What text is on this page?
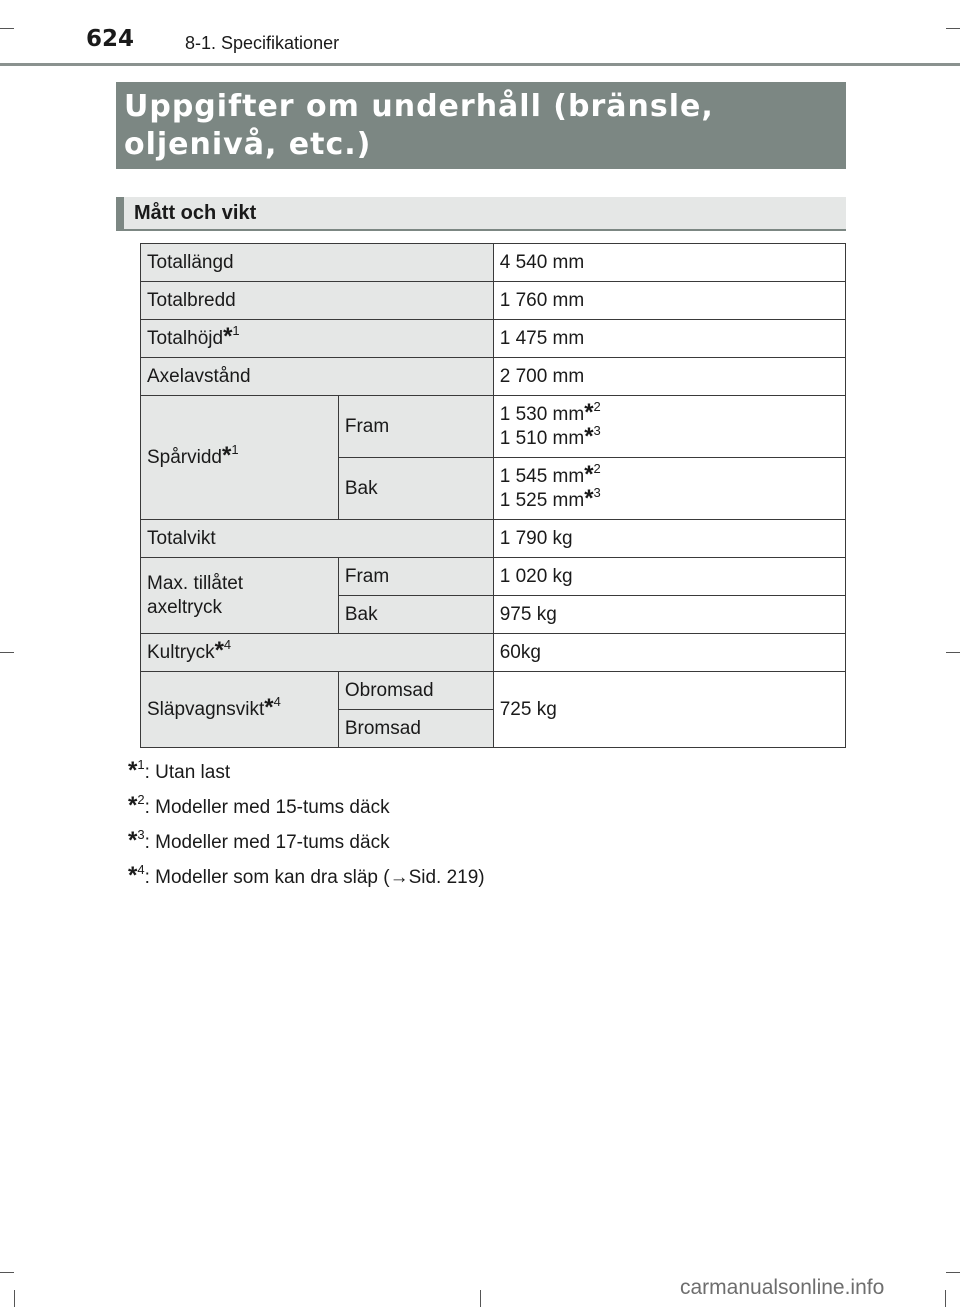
624	8-1. Specifikationer
Uppgifter om underhåll (bränsle,
oljenivå, etc.)
Mått och vikt
Totallängd		4 540 mm
Totalbredd		1 760 mm
Totalhöjd*$^1$		1 475 mm
Axelavstånd		2 700 mm
Spårvidd*$^1$	Fram	1 530 mm*$^2$
1 510 mm*$^3$
	Bak	1 545 mm*$^2$
1 525 mm*$^3$
Totalvikt		1 790 kg
Max. tillåtet
axeltryck	Fram	1 020 kg
	Bak	975 kg
Kultryck*$^4$		60kg
Släpvagnsvikt*$^4$	Obromsad	725 kg
	Bromsad	
*$^1$: Utan last
*$^2$: Modeller med 15-tums däck
*$^3$: Modeller med 17-tums däck
*$^4$: Modeller som kan dra släp (→Sid. 219)
carmanualsonline.info
